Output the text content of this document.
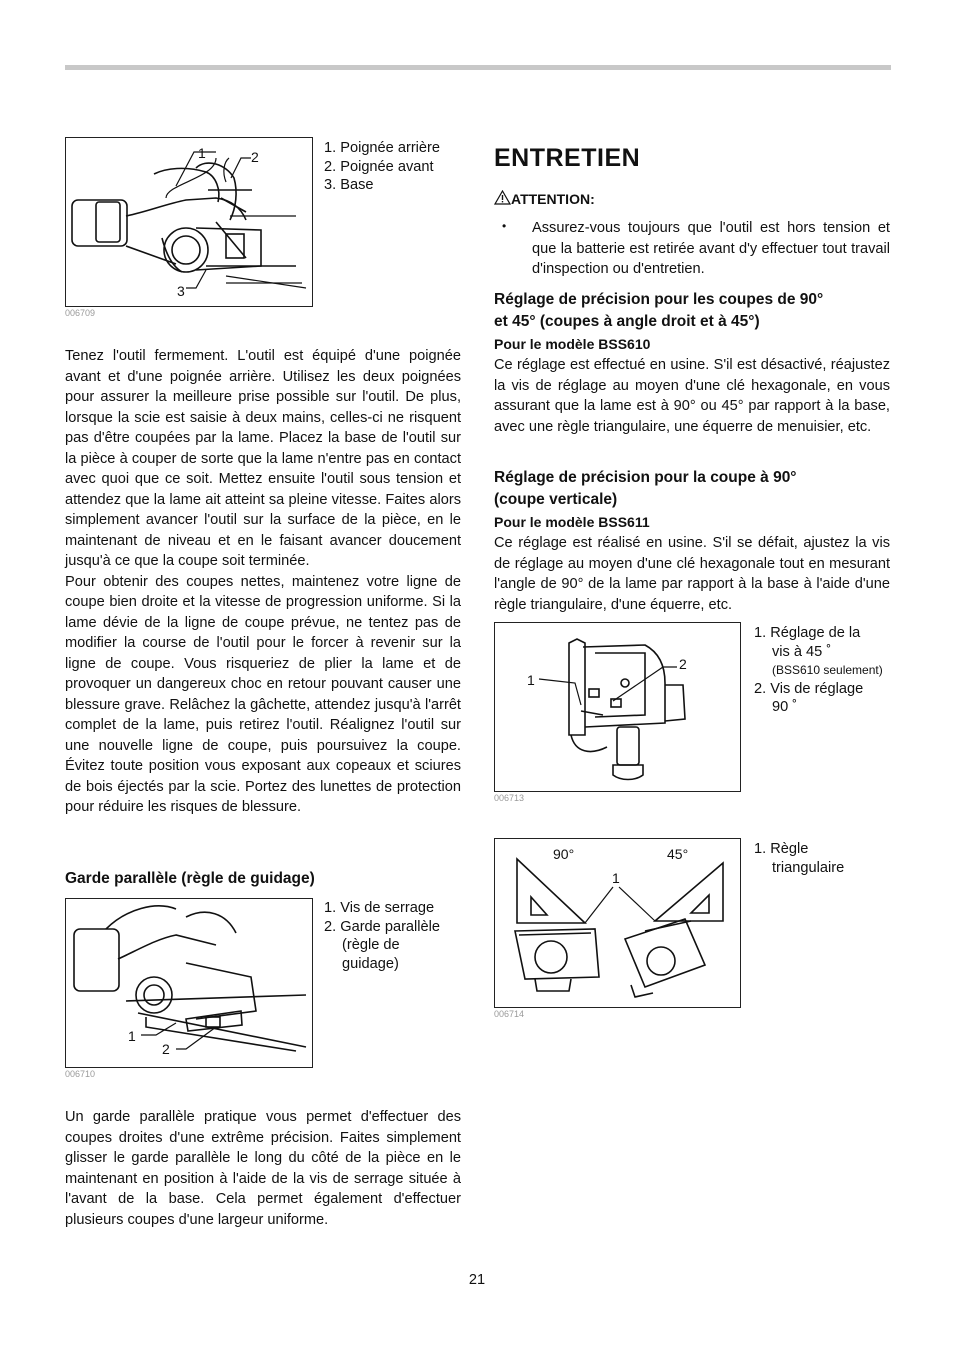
1	2
3
006709
1. Poignée arrière
2. Poignée avant
3. Base

Tenez l'outil fermement. L'outil est équipé d'une poignée avant et d'une poignée arrière. Utilisez les deux poignées pour assurer la meilleure prise possible sur l'outil. De plus, lorsque la scie est saisie à deux mains, celles-ci ne risquent pas d'être coupées par la lame. Placez la base de l'outil sur la pièce à couper de sorte que la lame n'entre pas en contact avec quoi que ce soit. Mettez ensuite l'outil sous tension et attendez que la lame ait atteint sa pleine vitesse. Faites alors simplement avancer l'outil sur la surface de la pièce, en le maintenant de niveau et en le faisant avancer doucement jusqu'à ce que la coupe soit terminée.

Pour obtenir des coupes nettes, maintenez votre ligne de coupe bien droite et la vitesse de progression uniforme. Si la lame dévie de la ligne de coupe prévue, ne tentez pas de modifier la course de l'outil pour le forcer à revenir sur la ligne de coupe. Vous risqueriez de plier la lame et de provoquer un dangereux choc en retour pouvant causer une blessure grave. Relâchez la gâchette, attendez jusqu'à l'arrêt complet de la lame, puis retirez l'outil. Réalignez l'outil sur une nouvelle ligne de coupe, puis poursuivez la coupe. Évitez toute position vous exposant aux copeaux et sciures de bois éjectés par la scie. Portez des lunettes de protection pour réduire les risques de blessure.

Garde parallèle (règle de guidage)
1
2
006710
1. Vis de serrage
2. Garde parallèle
(règle de
guidage)

Un garde parallèle pratique vous permet d'effectuer des coupes droites d'une extrême précision. Faites simplement glisser le garde parallèle le long du côté de la pièce en le maintenant en position à l'aide de la vis de serrage située à l'avant de la base. Cela permet également d'effectuer plusieurs coupes d'une largeur uniforme.

ENTRETIEN
ATTENTION:
• Assurez-vous toujours que l'outil est hors tension et que la batterie est retirée avant d'y effectuer tout travail d'inspection ou d'entretien.

Réglage de précision pour les coupes de 90°
et 45° (coupes à angle droit et à 45°)
Pour le modèle BSS610

Ce réglage est effectué en usine. S'il est désactivé, réajustez la vis de réglage au moyen d'une clé hexagonale, en vous assurant que la lame est à 90° ou 45° par rapport à la base, avec une règle triangulaire, une équerre de menuisier, etc.

Réglage de précision pour la coupe à 90°
(coupe verticale)
Pour le modèle BSS611

Ce réglage est réalisé en usine. S'il se défait, ajustez la vis de réglage au moyen d'une clé hexagonale tout en mesurant l'angle de 90° de la lame par rapport à la base à l'aide d'une règle triangulaire, d'une équerre, etc.

1
2
006713
1. Réglage de la
vis à 45 ˚
(BSS610 seulement)
2. Vis de réglage
90 ˚
90°	45°
1
006714
1. Règle
triangulaire
21
